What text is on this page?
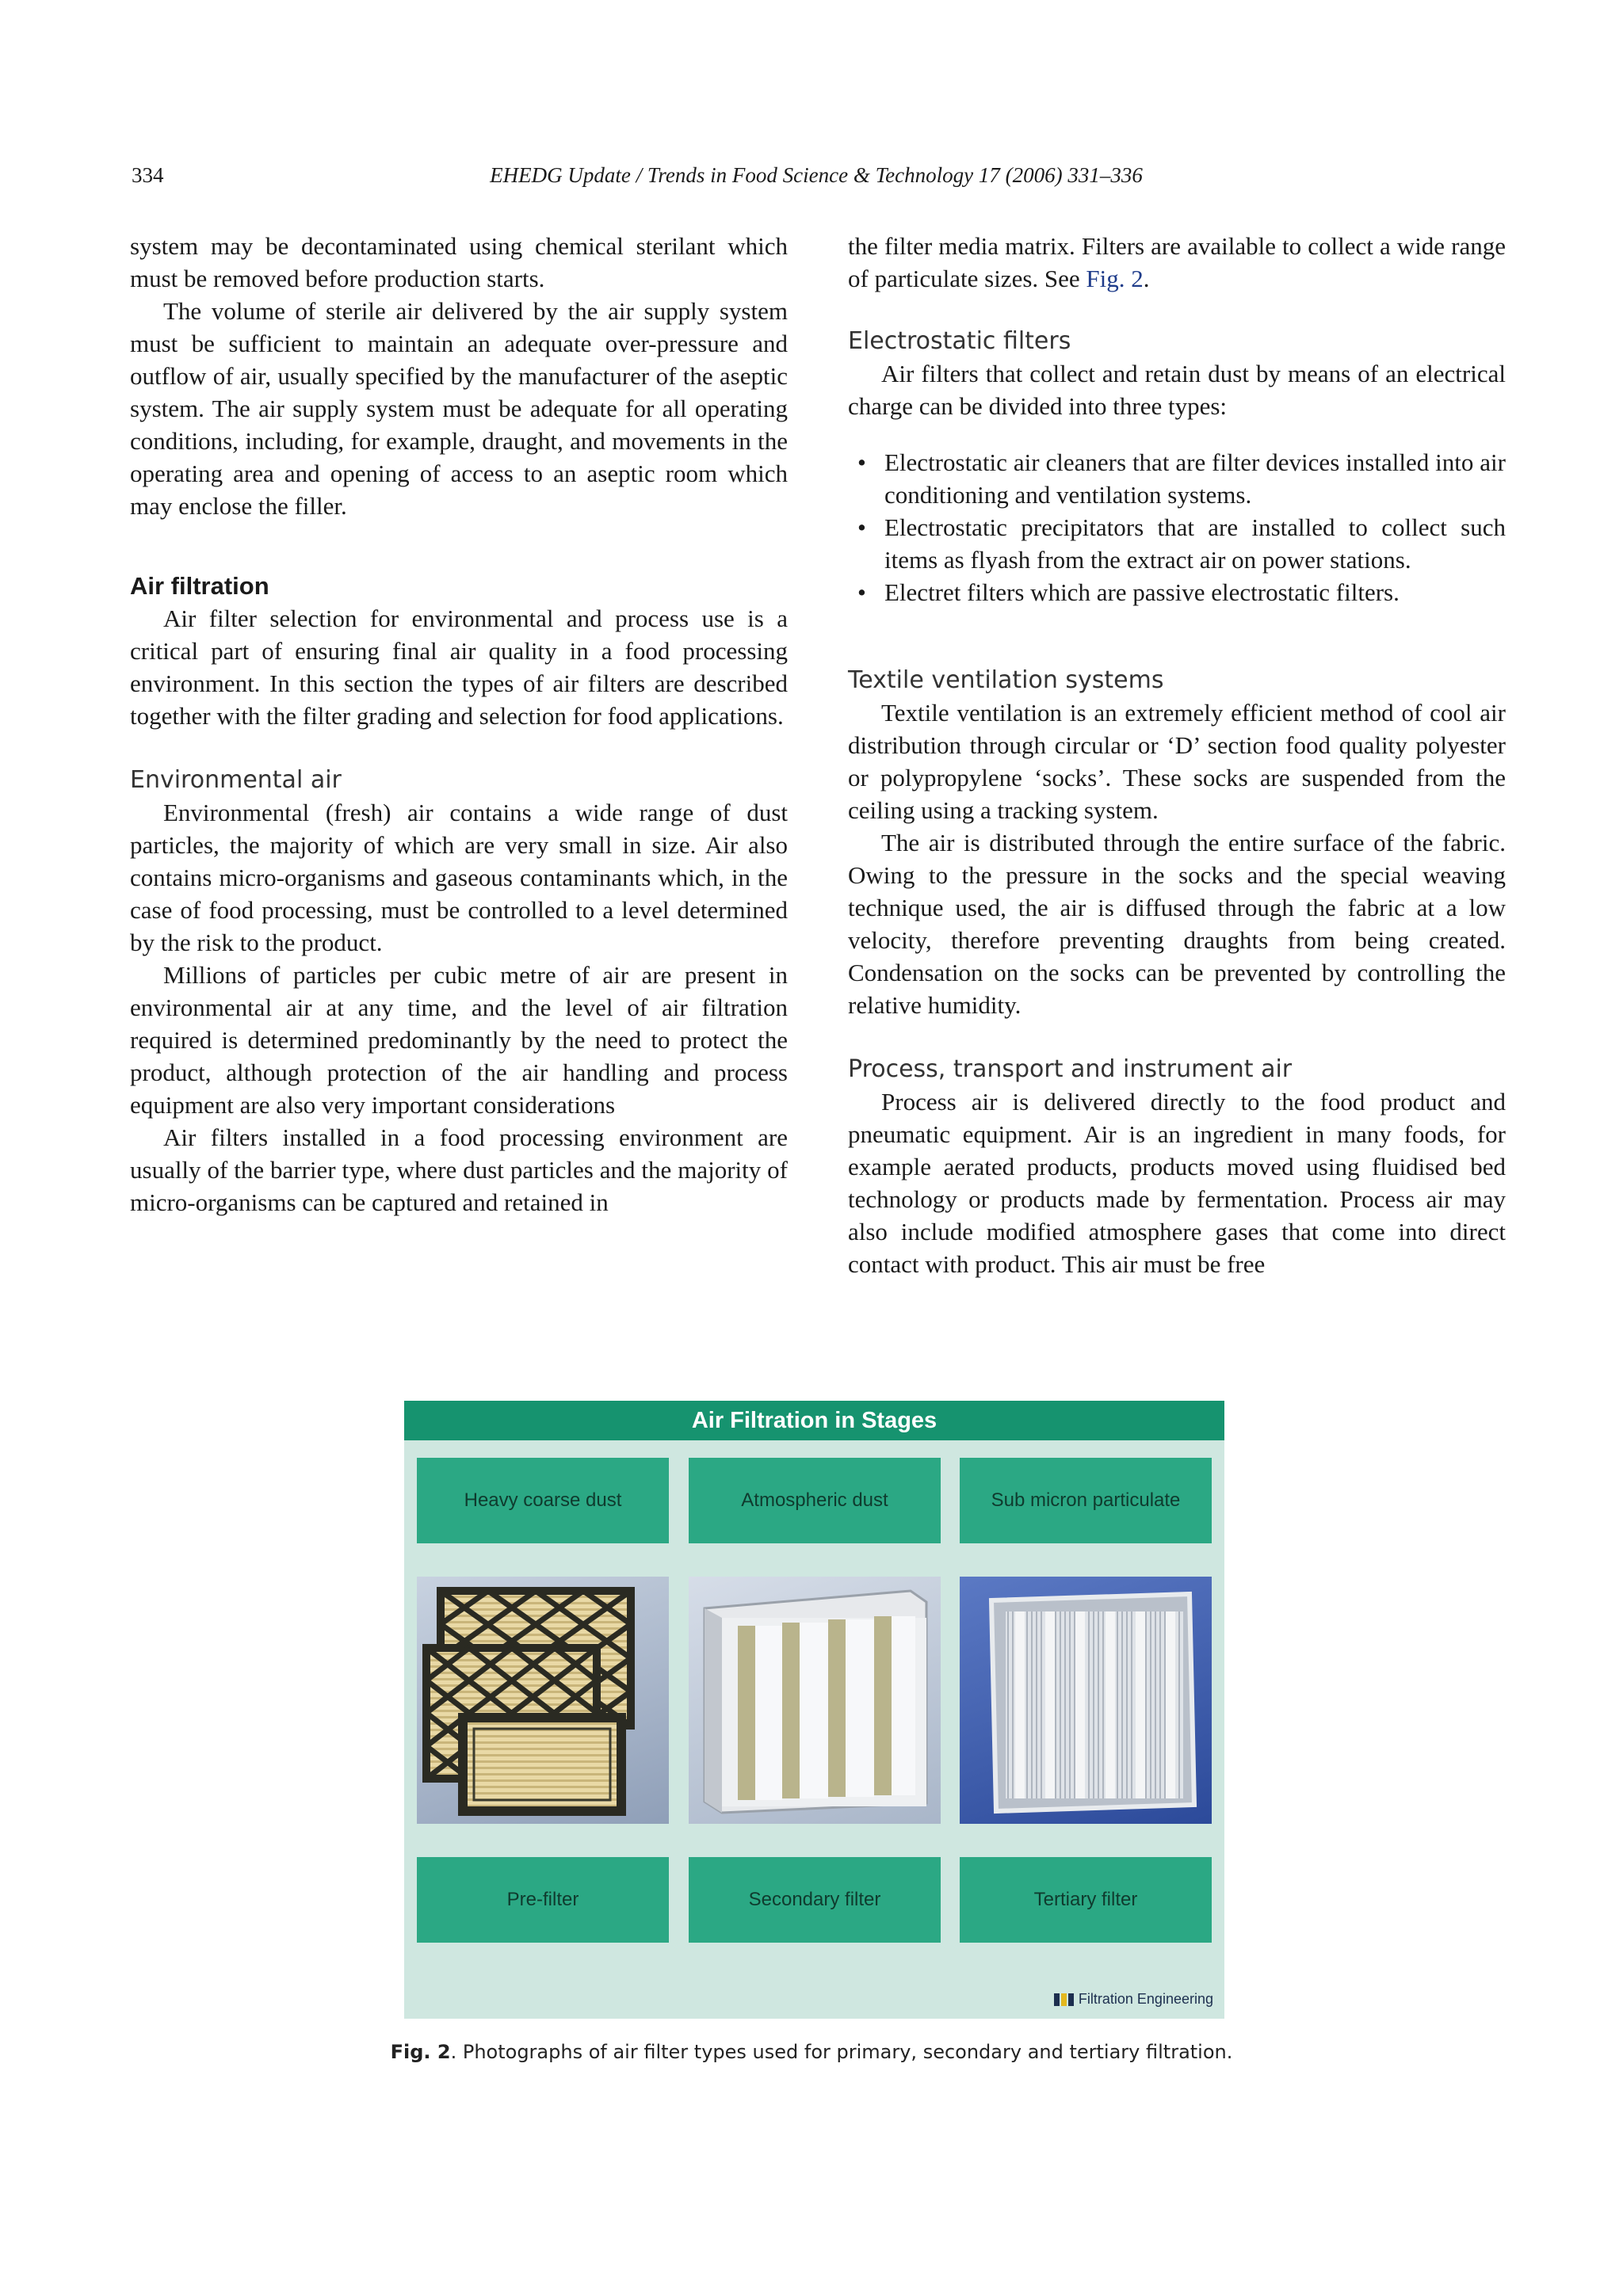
334	EHEDG Update / Trends in Food Science & Technology 17 (2006) 331–336

system may be decontaminated using chemical sterilant which must be removed before production starts.

The volume of sterile air delivered by the air supply system must be sufficient to maintain an adequate over-pressure and outflow of air, usually specified by the manufacturer of the aseptic system. The air supply system must be adequate for all operating conditions, including, for example, draught, and movements in the operating area and opening of access to an aseptic room which may enclose the filler.

Air filtration

Air filter selection for environmental and process use is a critical part of ensuring final air quality in a food processing environment. In this section the types of air filters are described together with the filter grading and selection for food applications.

Environmental air

Environmental (fresh) air contains a wide range of dust particles, the majority of which are very small in size. Air also contains micro-organisms and gaseous contaminants which, in the case of food processing, must be controlled to a level determined by the risk to the product.

Millions of particles per cubic metre of air are present in environmental air at any time, and the level of air filtration required is determined predominantly by the need to protect the product, although protection of the air handling and process equipment are also very important considerations

Air filters installed in a food processing environment are usually of the barrier type, where dust particles and the majority of micro-organisms can be captured and retained in

the filter media matrix. Filters are available to collect a wide range of particulate sizes. See Fig. 2.

Electrostatic filters

Air filters that collect and retain dust by means of an electrical charge can be divided into three types:

• Electrostatic air cleaners that are filter devices installed into air conditioning and ventilation systems.
• Electrostatic precipitators that are installed to collect such items as flyash from the extract air on power stations.
• Electret filters which are passive electrostatic filters.
Textile ventilation systems

Textile ventilation is an extremely efficient method of cool air distribution through circular or ‘D’ section food quality polyester or polypropylene ‘socks’. These socks are suspended from the ceiling using a tracking system.

The air is distributed through the entire surface of the fabric. Owing to the pressure in the socks and the special weaving technique used, the air is diffused through the fabric at a low velocity, therefore preventing draughts from being created. Condensation on the socks can be prevented by controlling the relative humidity.

Process, transport and instrument air

Process air is delivered directly to the food product and pneumatic equipment. Air is an ingredient in many foods, for example aerated products, products moved using fluidised bed technology or products made by fermentation. Process air may also include modified atmosphere gases that come into direct contact with product. This air must be free

Air Filtration in Stages
Heavy coarse dust	Atmospheric dust	Sub micron particulate
Pre-filter	Secondary filter	Tertiary filter
Filtration Engineering
Fig. 2. Photographs of air filter types used for primary, secondary and tertiary filtration.
